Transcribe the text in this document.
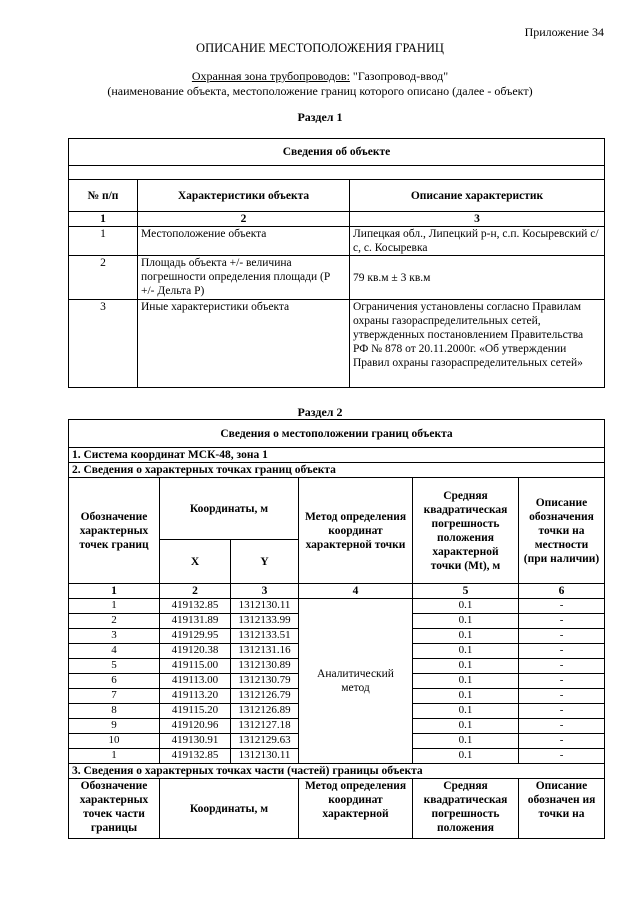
Приложение 34
ОПИСАНИЕ МЕСТОПОЛОЖЕНИЯ ГРАНИЦ
Охранная зона трубопроводов: "Газопровод-ввод"
(наименование объекта, местоположение границ которого описано (далее - объект)
Раздел 1
Сведения об объекте		

№ п/п	Характеристики объекта	Описание характеристик
1	2	3
1	Местоположение объекта	Липецкая обл., Липецкий р-н, с.п. Косыревский с/с, с. Косыревка
2	Площадь объекта +/- величина погрешности определения площади (Р +/- Дельта Р)	79 кв.м ± 3 кв.м
3	Иные характеристики объекта	Ограничения установлены согласно Правилам охраны газораспределительных сетей, утвержденных постановлением Правительства РФ № 878 от 20.11.2000г. «Об утверждении Правил охраны газораспределительных сетей»
Раздел 2
Сведения о местоположении границ объекта					
1. Система координат МСК-48, зона 1					
2. Сведения о характерных точках границ объекта					
Обозначение характерных точек границ	Координаты, м		Метод определения координат характерной точки	Средняя квадратическая погрешность положения характерной точки (Mt), м	Описание обозначения точки на местности (при наличии)
	X	Y			
1	2	3	4	5	6
1	419132.85	1312130.11	Аналитический метод	0.1	-
2	419131.89	1312133.99		0.1	-
3	419129.95	1312133.51		0.1	-
4	419120.38	1312131.16		0.1	-
5	419115.00	1312130.89		0.1	-
6	419113.00	1312130.79		0.1	-
7	419113.20	1312126.79		0.1	-
8	419115.20	1312126.89		0.1	-
9	419120.96	1312127.18		0.1	-
10	419130.91	1312129.63		0.1	-
1	419132.85	1312130.11		0.1	-
3. Сведения о характерных точках части (частей) границы объекта					
Обозначение характерных точек части границы	Координаты, м		Метод определения координат характерной	Средняя квадратическая погрешность положения	Описание обозначен ия точки на
